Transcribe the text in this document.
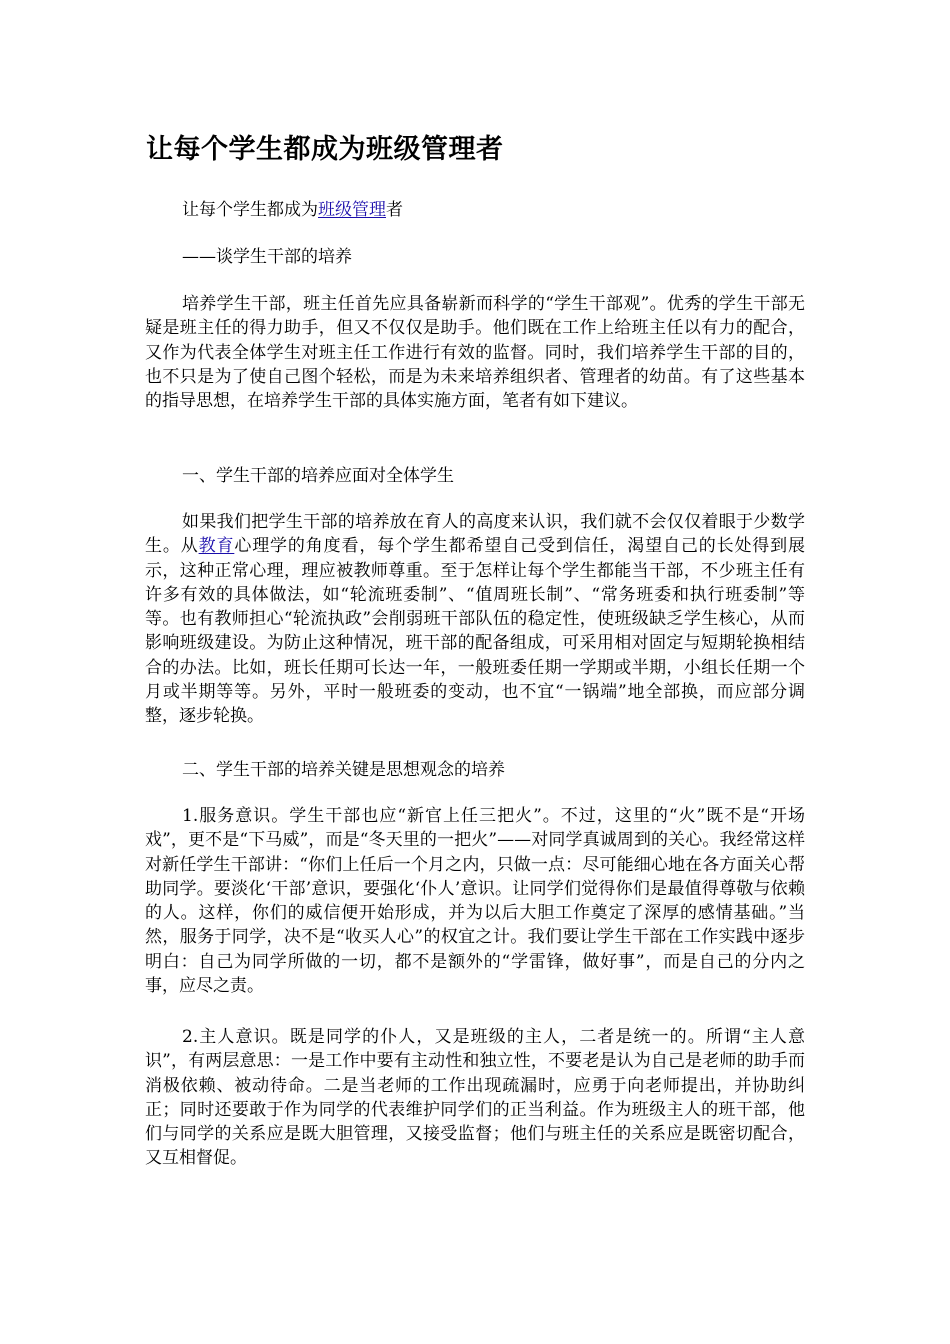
让每个学生都成为班级管理者

让每个学生都成为班级管理者

——谈学生干部的培养

培养学生干部，班主任首先应具备崭新而科学的“学生干部观”。优秀的学生干部无疑是班主任的得力助手，但又不仅仅是助手。他们既在工作上给班主任以有力的配合，又作为代表全体学生对班主任工作进行有效的监督。同时，我们培养学生干部的目的，也不只是为了使自己图个轻松，而是为未来培养组织者、管理者的幼苗。有了这些基本的指导思想，在培养学生干部的具体实施方面，笔者有如下建议。

一、学生干部的培养应面对全体学生

如果我们把学生干部的培养放在育人的高度来认识，我们就不会仅仅着眼于少数学生。从教育心理学的角度看，每个学生都希望自己受到信任，渴望自己的长处得到展示，这种正常心理，理应被教师尊重。至于怎样让每个学生都能当干部，不少班主任有许多有效的具体做法，如“轮流班委制”、“值周班长制”、“常务班委和执行班委制”等等。也有教师担心“轮流执政”会削弱班干部队伍的稳定性，使班级缺乏学生核心，从而影响班级建设。为防止这种情况，班干部的配备组成，可采用相对固定与短期轮换相结合的办法。比如，班长任期可长达一年，一般班委任期一学期或半期，小组长任期一个月或半期等等。另外，平时一般班委的变动，也不宜“一锅端”地全部换，而应部分调整，逐步轮换。

二、学生干部的培养关键是思想观念的培养

1.服务意识。学生干部也应“新官上任三把火”。不过，这里的“火”既不是“开场戏”，更不是“下马威”，而是“冬天里的一把火”——对同学真诚周到的关心。我经常这样对新任学生干部讲：“你们上任后一个月之内，只做一点：尽可能细心地在各方面关心帮助同学。要淡化‘干部’意识，要强化‘仆人’意识。让同学们觉得你们是最值得尊敬与依赖的人。这样，你们的威信便开始形成，并为以后大胆工作奠定了深厚的感情基础。”当然，服务于同学，决不是“收买人心”的权宜之计。我们要让学生干部在工作实践中逐步明白：自己为同学所做的一切，都不是额外的“学雷锋，做好事”，而是自己的分内之事，应尽之责。

2.主人意识。既是同学的仆人，又是班级的主人，二者是统一的。所谓“主人意识”，有两层意思：一是工作中要有主动性和独立性，不要老是认为自己是老师的助手而消极依赖、被动待命。二是当老师的工作出现疏漏时，应勇于向老师提出，并协助纠正；同时还要敢于作为同学的代表维护同学们的正当利益。作为班级主人的班干部，他们与同学的关系应是既大胆管理，又接受监督；他们与班主任的关系应是既密切配合，又互相督促。
